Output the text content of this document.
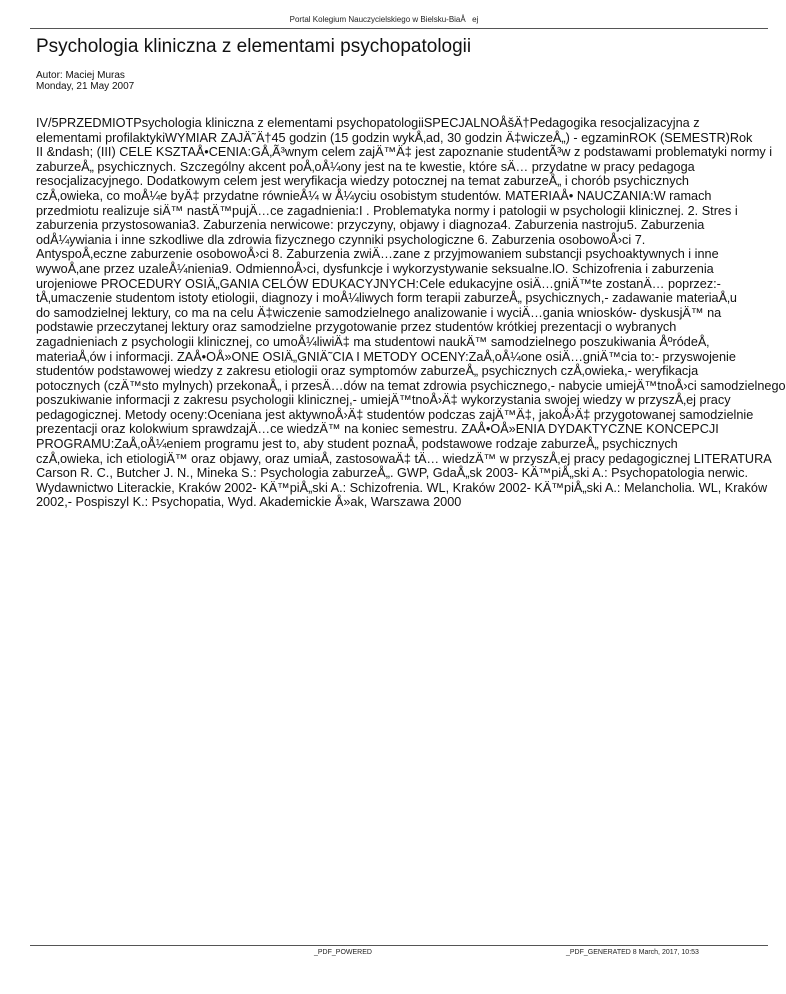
Portal Kolegium Nauczycielskiego w Bielsku-BiaÅej
Psychologia kliniczna z elementami psychopatologii
Autor: Maciej Muras
Monday, 21 May 2007
IV/5PRZEDMIOTPsychologia kliniczna z elementami psychopatologiiSPECJALNOÅšÄ†Pedagogika resocjalizacyjna z
elementami profilaktykiWYMIAR ZAJÄ˜Ä†45 godzin (15 godzin wykÅ‚ad, 30 godzin Ä‡wiczeÅ„) - egzaminROK (SEMESTR)Rok
II &ndash; (III) CELE KSZTAÅ•CENIA:GÅ‚Ã³wnym celem zajÄ™Ä‡ jest zapoznanie studentÃ³w z podstawami problematyki normy i
zaburzeÅ„ psychicznych. Szczególny akcent poÅ‚oÅ¼ony jest na te kwestie, które sÄ… przydatne w pracy pedagoga
resocjalizacyjnego. Dodatkowym celem jest weryfikacja wiedzy potocznej na temat zaburzeÅ„ i chorób psychicznych
czÅ‚owieka, co moÅ¼e byÄ‡ przydatne równieÅ¼ w Å¼yciu osobistym studentów. MATERIAÅ• NAUCZANIA:W ramach
przedmiotu realizuje siÄ™ nastÄ™pujÄ…ce zagadnienia:I . Problematyka normy i patologii w psychologii klinicznej. 2. Stres i
zaburzenia przystosowania3. Zaburzenia nerwicowe: przyczyny, objawy i diagnoza4. Zaburzenia nastroju5. Zaburzenia
odÅ¼ywiania i inne szkodliwe dla zdrowia fizycznego czynniki psychologiczne 6. Zaburzenia osobowoÅ›ci 7.
AntyspoÅ‚eczne zaburzenie osobowoÅ›ci 8. Zaburzenia zwiÄ…zane z przyjmowaniem substancji psychoaktywnych i inne
wywoÅ‚ane przez uzaleÅ¼nienia9. OdmiennoÅ›ci, dysfunkcje i wykorzystywanie seksualne.lO. Schizofrenia i zaburzenia
urojeniowe PROCEDURY OSIÄ„GANIA CELÓW EDUKACYJNYCH:Cele edukacyjne osiÄ…gniÄ™te zostanÄ… poprzez:-
tÅ‚umaczenie studentom istoty etiologii, diagnozy i moÅ¼liwych form terapii zaburzeÅ„ psychicznych,- zadawanie materiaÅ‚u
do samodzielnej lektury, co ma na celu Ä‡wiczenie samodzielnego analizowanie i wyciÄ…gania wniosków- dyskusjÄ™ na
podstawie przeczytanej lektury oraz samodzielne przygotowanie przez studentów krótkiej prezentacji o wybranych
zagadnieniach z psychologii klinicznej, co umoÅ¼liwiÄ‡ ma studentowi naukÄ™ samodzielnego poszukiwania ÅºródeÅ‚
materiaÅ‚ów i informacji. ZAÅ•OÅ»ONE OSIÄ„GNIÄ˜CIA I METODY OCENY:ZaÅ‚oÅ¼one osiÄ…gniÄ™cia to:- przyswojenie
studentów podstawowej wiedzy z zakresu etiologii oraz symptomów zaburzeÅ„ psychicznych czÅ‚owieka,- weryfikacja
potocznych (czÄ™sto mylnych) przekonaÅ„ i przesÄ…dów na temat zdrowia psychicznego,- nabycie umiejÄ™tnoÅ›ci samodzielnego
poszukiwanie informacji z zakresu psychologii klinicznej,- umiejÄ™tnoÅ›Ä‡ wykorzystania swojej wiedzy w przyszÅ‚ej pracy
pedagogicznej. Metody oceny:Oceniana jest aktywnoÅ›Ä‡ studentów podczas zajÄ™Ä‡, jakoÅ›Ä‡ przygotowanej samodzielnie
prezentacji oraz kolokwium sprawdzajÄ…ce wiedzÄ™ na koniec semestru. ZAÅ•OÅ»ENIA DYDAKTYCZNE KONCEPCJI
PROGRAMU:ZaÅ‚oÅ¼eniem programu jest to, aby student poznaÅ‚ podstawowe rodzaje zaburzeÅ„ psychicznych
czÅ‚owieka, ich etiologiÄ™ oraz objawy, oraz umiaÅ‚ zastosowaÄ‡ tÄ… wiedzÄ™ w przyszÅ‚ej pracy pedagogicznej LITERATURA
Carson R. C., Butcher J. N., Mineka S.: Psychologia zaburzeÅ„. GWP, GdaÅ„sk 2003- KÄ™piÅ„ski A.: Psychopatologia nerwic.
Wydawnictwo Literackie, Kraków 2002- KÄ™piÅ„ski A.: Schizofrenia. WL, Kraków 2002- KÄ™piÅ„ski A.: Melancholia. WL, Kraków
2002,- Pospiszyl K.: Psychopatia, Wyd. Akademickie Å»ak, Warszawa 2000
_PDF_POWERED	_PDF_GENERATED 8 March, 2017, 10:53
